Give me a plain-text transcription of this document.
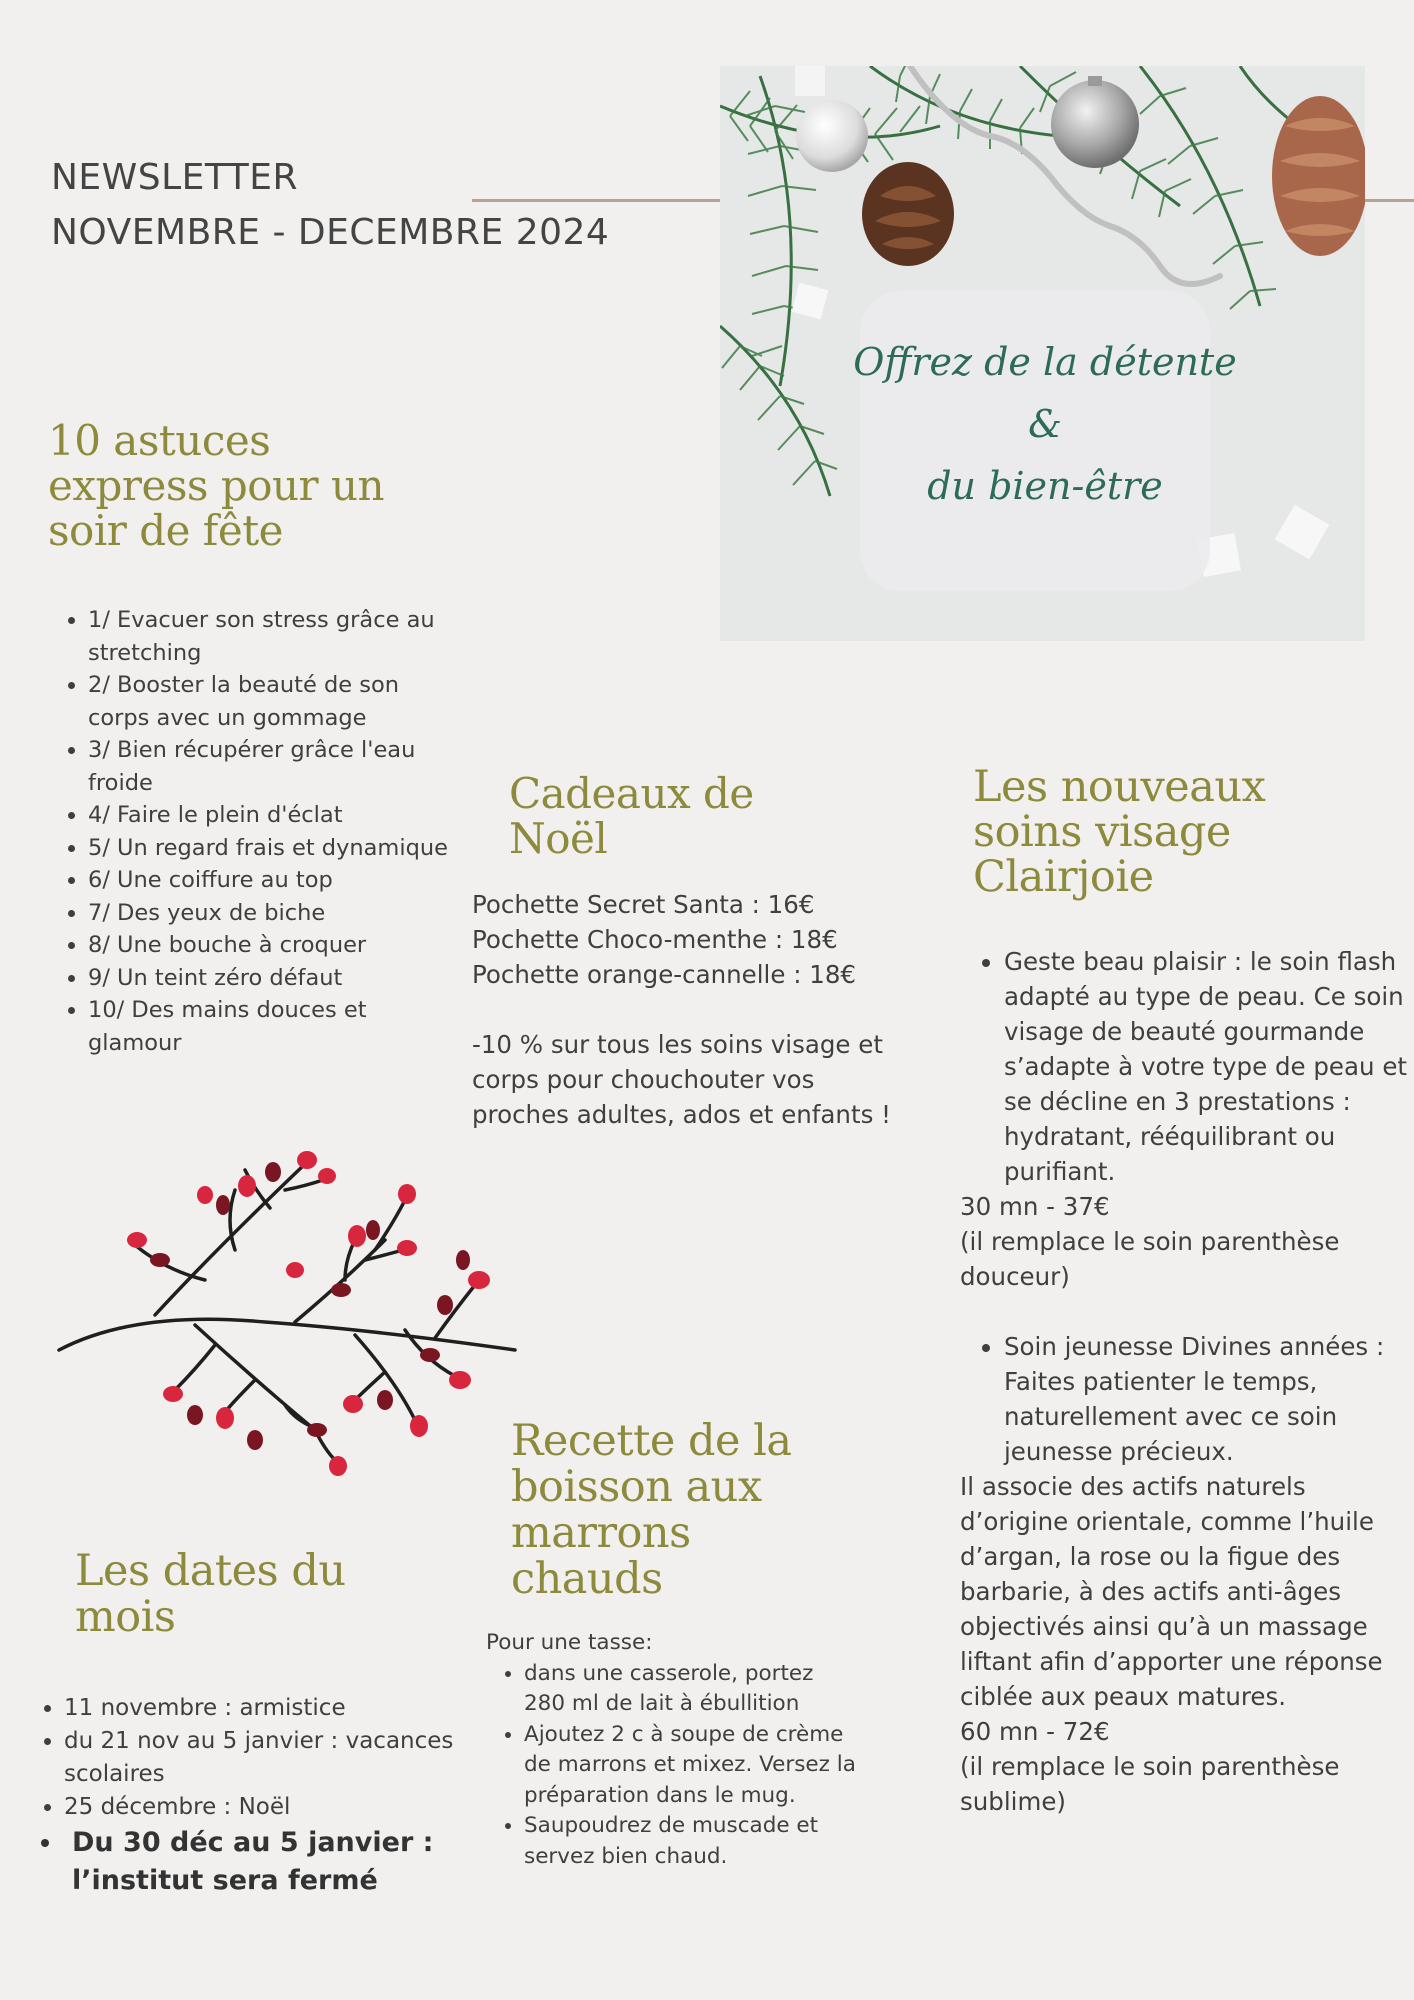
NEWSLETTER
NOVEMBRE - DECEMBRE 2024
Offrez de la détente
&
du bien-être
10 astuces express pour un soir de fête
• 1/ Evacuer son stress grâce au stretching
• 2/ Booster la beauté de son corps avec un gommage
• 3/ Bien récupérer grâce l'eau froide
• 4/ Faire le plein d'éclat
• 5/ Un regard frais et dynamique
• 6/ Une coiffure au top
• 7/ Des yeux de biche
• 8/ Une bouche à croquer
• 9/ Un teint zéro défaut
• 10/ Des mains douces et glamour
Cadeaux de Noël

Pochette Secret Santa : 16€

Pochette Choco-menthe : 18€

Pochette orange-cannelle : 18€

-10 % sur tous les soins visage et corps pour chouchouter vos proches adultes, ados et enfants !

Les nouveaux soins visage Clairjoie
• Geste beau plaisir : le soin flash adapté au type de peau. Ce soin visage de beauté gourmande s’adapte à votre type de peau et se décline en 3 prestations : hydratant, rééquilibrant ou purifiant.

30 mn - 37€

(il remplace le soin parenthèse douceur)

• Soin jeunesse Divines années : Faites patienter le temps, naturellement avec ce soin jeunesse précieux.

Il associe des actifs naturels d’origine orientale, comme l’huile d’argan, la rose ou la figue des barbarie, à des actifs anti-âges objectivés ainsi qu’à un massage liftant afin d’apporter une réponse ciblée aux peaux matures.

60 mn - 72€

(il remplace le soin parenthèse sublime)

Recette de la boisson aux marrons chauds

Pour une tasse:

• dans une casserole, portez 280 ml de lait à ébullition
• Ajoutez 2 c à soupe de crème de marrons et mixez. Versez la préparation dans le mug.
• Saupoudrez de muscade et servez bien chaud.
Les dates du mois
• 11 novembre : armistice
• du 21 nov au 5 janvier : vacances scolaires
• 25 décembre : Noël
• Du 30 déc au 5 janvier : l’institut sera fermé
